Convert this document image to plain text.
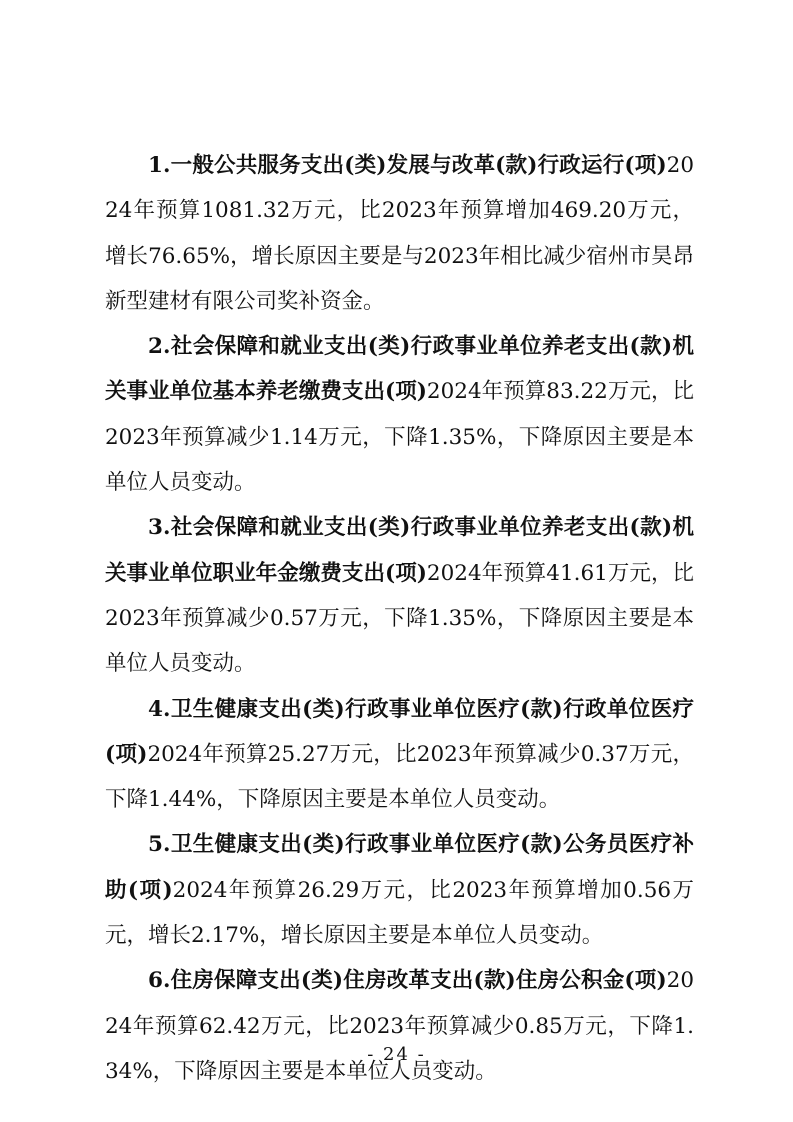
1.一般公共服务支出(类)发展与改革(款)行政运行(项)2024年预算1081.32万元，比2023年预算增加469.20万元，增长76.65%，增长原因主要是与2023年相比减少宿州市昊昂新型建材有限公司奖补资金。

2.社会保障和就业支出(类)行政事业单位养老支出(款)机关事业单位基本养老缴费支出(项)2024年预算83.22万元，比2023年预算减少1.14万元，下降1.35%，下降原因主要是本单位人员变动。

3.社会保障和就业支出(类)行政事业单位养老支出(款)机关事业单位职业年金缴费支出(项)2024年预算41.61万元，比2023年预算减少0.57万元，下降1.35%，下降原因主要是本单位人员变动。

4.卫生健康支出(类)行政事业单位医疗(款)行政单位医疗(项)2024年预算25.27万元，比2023年预算减少0.37万元，下降1.44%，下降原因主要是本单位人员变动。

5.卫生健康支出(类)行政事业单位医疗(款)公务员医疗补助(项)2024年预算26.29万元，比2023年预算增加0.56万元，增长2.17%，增长原因主要是本单位人员变动。

6.住房保障支出(类)住房改革支出(款)住房公积金(项)2024年预算62.42万元，比2023年预算减少0.85万元，下降1.34%，下降原因主要是本单位人员变动。

- 24 -
